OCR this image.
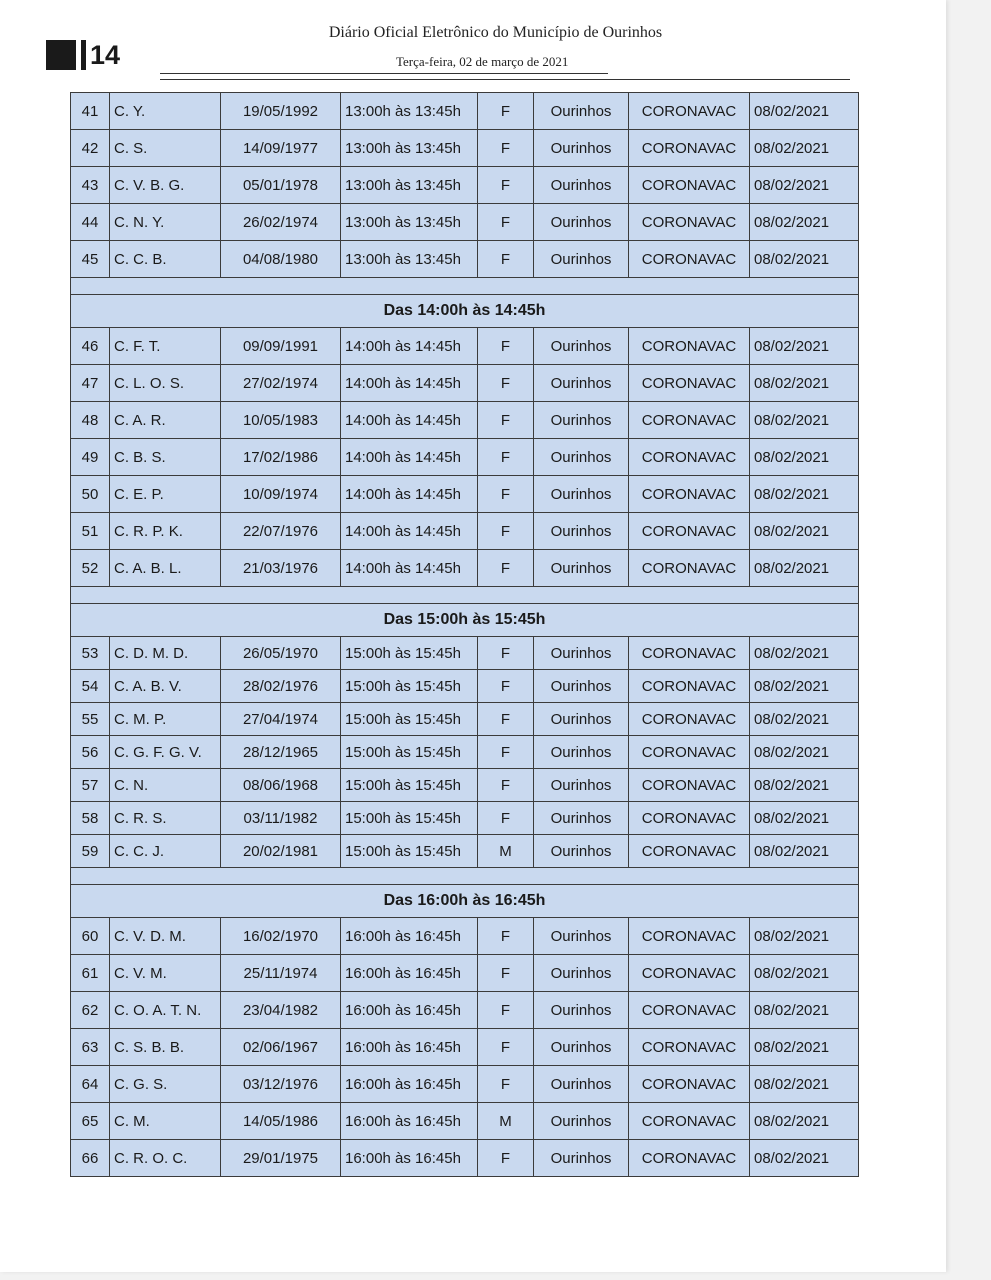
14
Diário Oficial Eletrônico do Município de Ourinhos
Terça-feira, 02 de março de 2021
41	C. Y.	19/05/1992	13:00h às 13:45h	F	Ourinhos	CORONAVAC	08/02/2021
42	C. S.	14/09/1977	13:00h às 13:45h	F	Ourinhos	CORONAVAC	08/02/2021
43	C. V. B. G.	05/01/1978	13:00h às 13:45h	F	Ourinhos	CORONAVAC	08/02/2021
44	C. N. Y.	26/02/1974	13:00h às 13:45h	F	Ourinhos	CORONAVAC	08/02/2021
45	C. C. B.	04/08/1980	13:00h às 13:45h	F	Ourinhos	CORONAVAC	08/02/2021

Das 14:00h às 14:45h							
46	C. F. T.	09/09/1991	14:00h às 14:45h	F	Ourinhos	CORONAVAC	08/02/2021
47	C. L. O. S.	27/02/1974	14:00h às 14:45h	F	Ourinhos	CORONAVAC	08/02/2021
48	C. A. R.	10/05/1983	14:00h às 14:45h	F	Ourinhos	CORONAVAC	08/02/2021
49	C. B. S.	17/02/1986	14:00h às 14:45h	F	Ourinhos	CORONAVAC	08/02/2021
50	C. E. P.	10/09/1974	14:00h às 14:45h	F	Ourinhos	CORONAVAC	08/02/2021
51	C. R. P. K.	22/07/1976	14:00h às 14:45h	F	Ourinhos	CORONAVAC	08/02/2021
52	C. A. B. L.	21/03/1976	14:00h às 14:45h	F	Ourinhos	CORONAVAC	08/02/2021

Das 15:00h às 15:45h							
53	C. D. M. D.	26/05/1970	15:00h às 15:45h	F	Ourinhos	CORONAVAC	08/02/2021
54	C. A. B. V.	28/02/1976	15:00h às 15:45h	F	Ourinhos	CORONAVAC	08/02/2021
55	C. M. P.	27/04/1974	15:00h às 15:45h	F	Ourinhos	CORONAVAC	08/02/2021
56	C. G. F. G. V.	28/12/1965	15:00h às 15:45h	F	Ourinhos	CORONAVAC	08/02/2021
57	C. N.	08/06/1968	15:00h às 15:45h	F	Ourinhos	CORONAVAC	08/02/2021
58	C. R. S.	03/11/1982	15:00h às 15:45h	F	Ourinhos	CORONAVAC	08/02/2021
59	C. C. J.	20/02/1981	15:00h às 15:45h	M	Ourinhos	CORONAVAC	08/02/2021

Das 16:00h às 16:45h							
60	C. V. D. M.	16/02/1970	16:00h às 16:45h	F	Ourinhos	CORONAVAC	08/02/2021
61	C. V. M.	25/11/1974	16:00h às 16:45h	F	Ourinhos	CORONAVAC	08/02/2021
62	C. O. A. T. N.	23/04/1982	16:00h às 16:45h	F	Ourinhos	CORONAVAC	08/02/2021
63	C. S. B. B.	02/06/1967	16:00h às 16:45h	F	Ourinhos	CORONAVAC	08/02/2021
64	C. G. S.	03/12/1976	16:00h às 16:45h	F	Ourinhos	CORONAVAC	08/02/2021
65	C. M.	14/05/1986	16:00h às 16:45h	M	Ourinhos	CORONAVAC	08/02/2021
66	C. R. O. C.	29/01/1975	16:00h às 16:45h	F	Ourinhos	CORONAVAC	08/02/2021
